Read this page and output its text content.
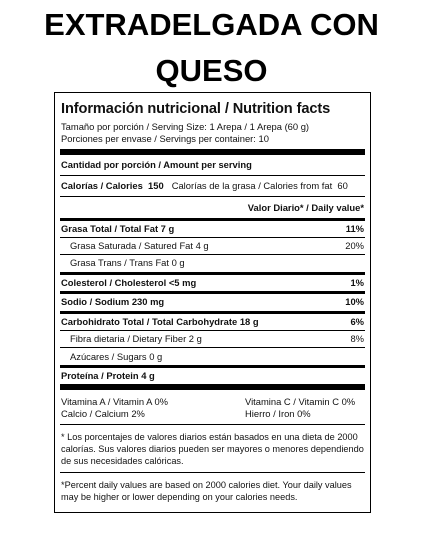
EXTRADELGADA CON
QUESO
Información nutricional / Nutrition facts
Tamaño por porción / Serving Size: 1 Arepa / 1 Arepa (60 g)
Porciones per envase / Servings per container: 10
Cantidad por porción / Amount per serving
Calorías / Calories 150 Calorías de la grasa / Calories from fat 60
Valor Diario* / Daily value*
Grasa Total / Total Fat 7 g	11%
Grasa Saturada / Satured Fat 4 g	20%
Grasa Trans / Trans Fat 0 g
Colesterol / Cholesterol <5 mg	1%
Sodio / Sodium 230 mg	10%
Carbohidrato Total / Total Carbohydrate 18 g	6%
Fibra dietaria / Dietary Fiber 2 g	8%
Azúcares / Sugars 0 g
Proteína / Protein 4 g
Vitamina A / Vitamin A 0%	Vitamina C / Vitamin C 0%
Calcio / Calcium 2%	Hierro / Iron 0%
* Los porcentajes de valores diarios están basados en una dieta de 2000 calorías. Sus valores diarios pueden ser mayores o menores dependiendo de sus necesidades calóricas.
*Percent daily values are based on 2000 calories diet. Your daily values may be higher or lower depending on your calories needs.
